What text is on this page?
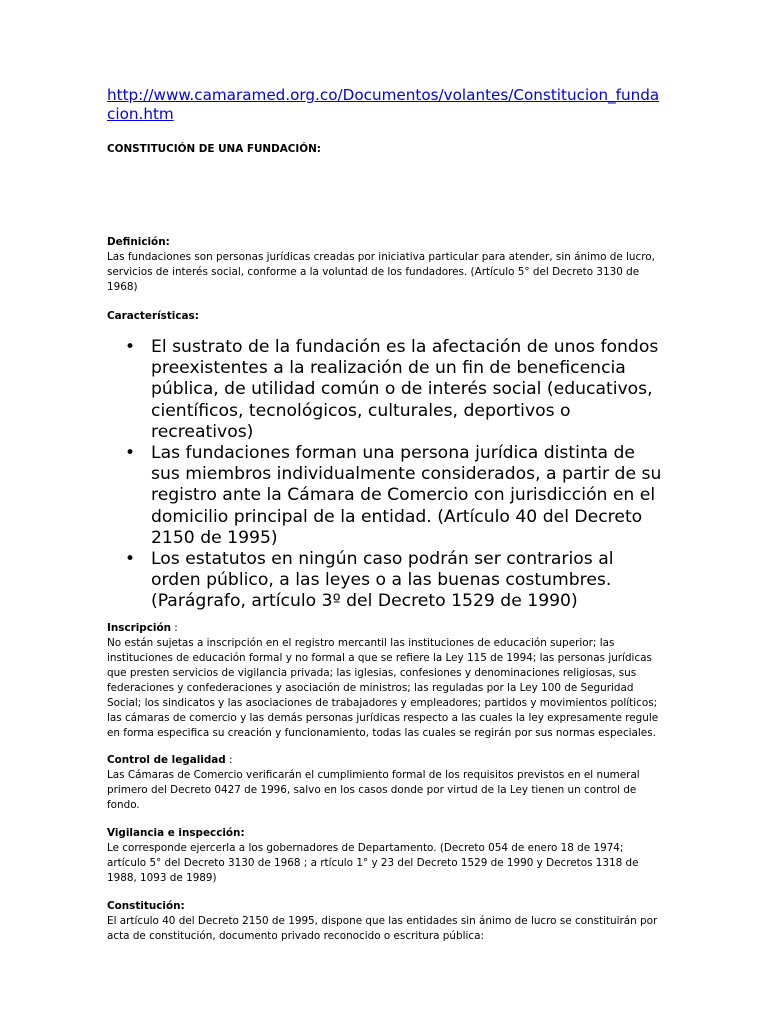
http://www.camaramed.org.co/Documentos/volantes/Constitucion_fundacion.htm
CONSTITUCIÓN DE UNA FUNDACIÓN:
Definición:

Las fundaciones son personas jurídicas creadas por iniciativa particular para atender, sin ánimo de lucro, servicios de interés social, conforme a la voluntad de los fundadores. (Artículo 5° del Decreto 3130 de 1968)

Características:
• El sustrato de la fundación es la afectación de unos fondos preexistentes a la realización de un fin de beneficencia pública, de utilidad común o de interés social (educativos, científicos, tecnológicos, culturales, deportivos o recreativos)
• Las fundaciones forman una persona jurídica distinta de sus miembros individualmente considerados, a partir de su registro ante la Cámara de Comercio con jurisdicción en el domicilio principal de la entidad. (Artículo 40 del Decreto 2150 de 1995)
• Los estatutos en ningún caso podrán ser contrarios al orden público, a las leyes o a las buenas costumbres. (Parágrafo, artículo 3º del Decreto 1529 de 1990)
Inscripción :

No están sujetas a inscripción en el registro mercantil las instituciones de educación superior; las instituciones de educación formal y no formal a que se refiere la Ley 115 de 1994; las personas jurídicas que presten servicios de vigilancia privada; las iglesias, confesiones y denominaciones religiosas, sus federaciones y confederaciones y asociación de ministros; las reguladas por la Ley 100 de Seguridad Social; los sindicatos y las asociaciones de trabajadores y empleadores; partidos y movimientos políticos; las cámaras de comercio y las demás personas jurídicas respecto a las cuales la ley expresamente regule en forma especifica su creación y funcionamiento, todas las cuales se regirán por sus normas especiales.

Control de legalidad :

Las Cámaras de Comercio verificarán el cumplimiento formal de los requisitos previstos en el numeral primero del Decreto 0427 de 1996, salvo en los casos donde por virtud de la Ley tienen un control de fondo.

Vigilancia e inspección:

Le corresponde ejercerla a los gobernadores de Departamento. (Decreto 054 de enero 18 de 1974; artículo 5° del Decreto 3130 de 1968 ; a rtículo 1° y 23 del Decreto 1529 de 1990 y Decretos 1318 de 1988, 1093 de 1989)

Constitución:

El artículo 40 del Decreto 2150 de 1995, dispone que las entidades sin ánimo de lucro se constituirán por acta de constitución, documento privado reconocido o escritura pública:
